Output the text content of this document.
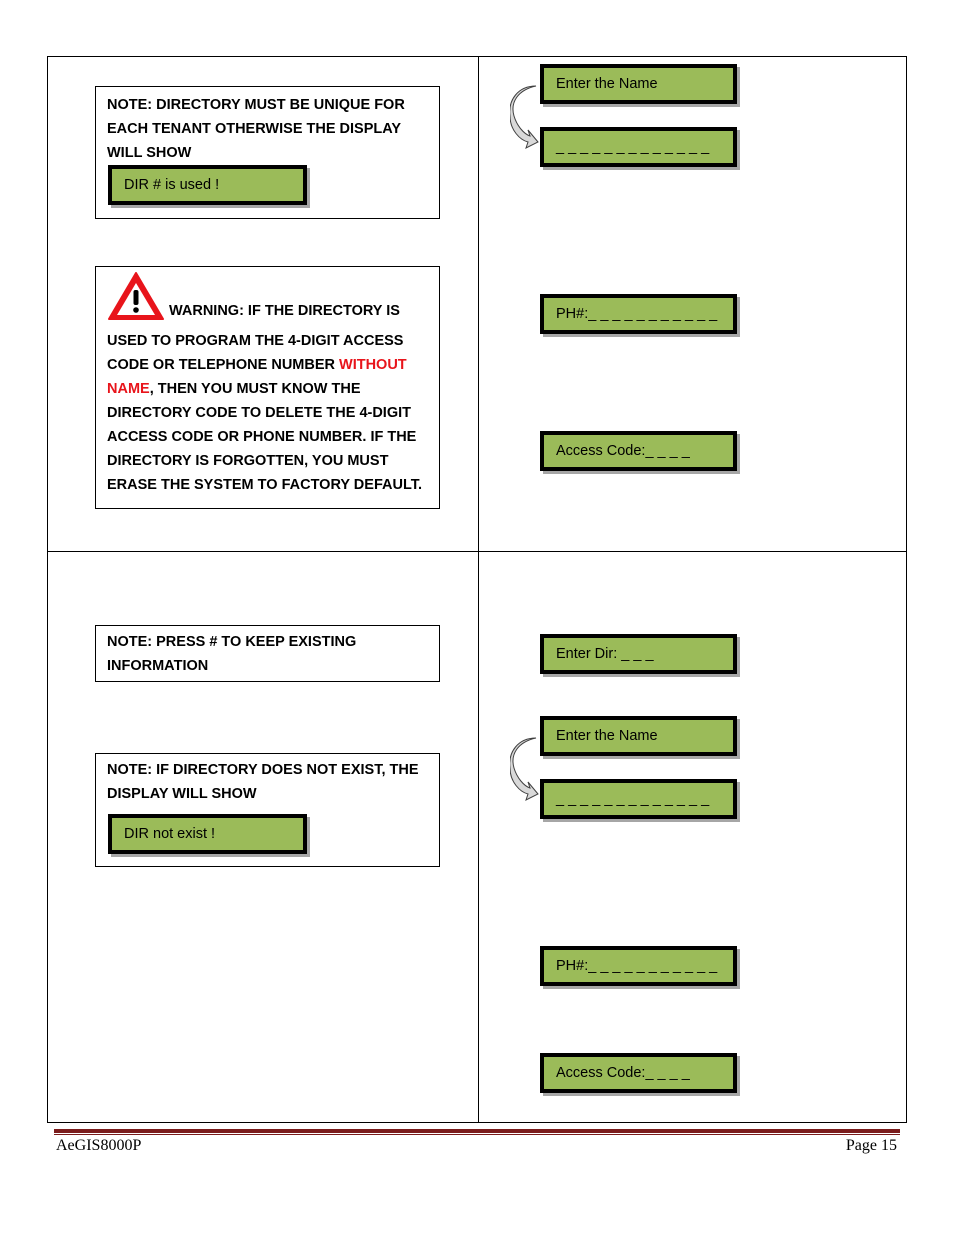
NOTE: DIRECTORY MUST BE UNIQUE FOR EACH TENANT OTHERWISE THE DISPLAY WILL SHOW
DIR # is used !
WARNING: IF THE DIRECTORY IS USED TO PROGRAM THE 4-DIGIT ACCESS CODE OR TELEPHONE NUMBER WITHOUT NAME, THEN YOU MUST KNOW THE DIRECTORY CODE TO DELETE THE 4-DIGIT ACCESS CODE OR PHONE NUMBER. IF THE DIRECTORY IS FORGOTTEN, YOU MUST ERASE THE SYSTEM TO FACTORY DEFAULT.
Enter the Name
_ _ _ _ _ _ _ _ _ _ _ _ _
PH#:_ _ _ _ _ _ _ _ _ _ _
Access Code:_ _ _ _
NOTE: PRESS # TO KEEP EXISTING INFORMATION
NOTE: IF DIRECTORY DOES NOT EXIST, THE DISPLAY WILL SHOW
DIR not exist !
Enter Dir: _ _ _
Enter the Name
_ _ _ _ _ _ _ _ _ _ _ _ _
PH#:_ _ _ _ _ _ _ _ _ _ _
Access Code:_ _ _ _
AeGIS8000P	Page 15
